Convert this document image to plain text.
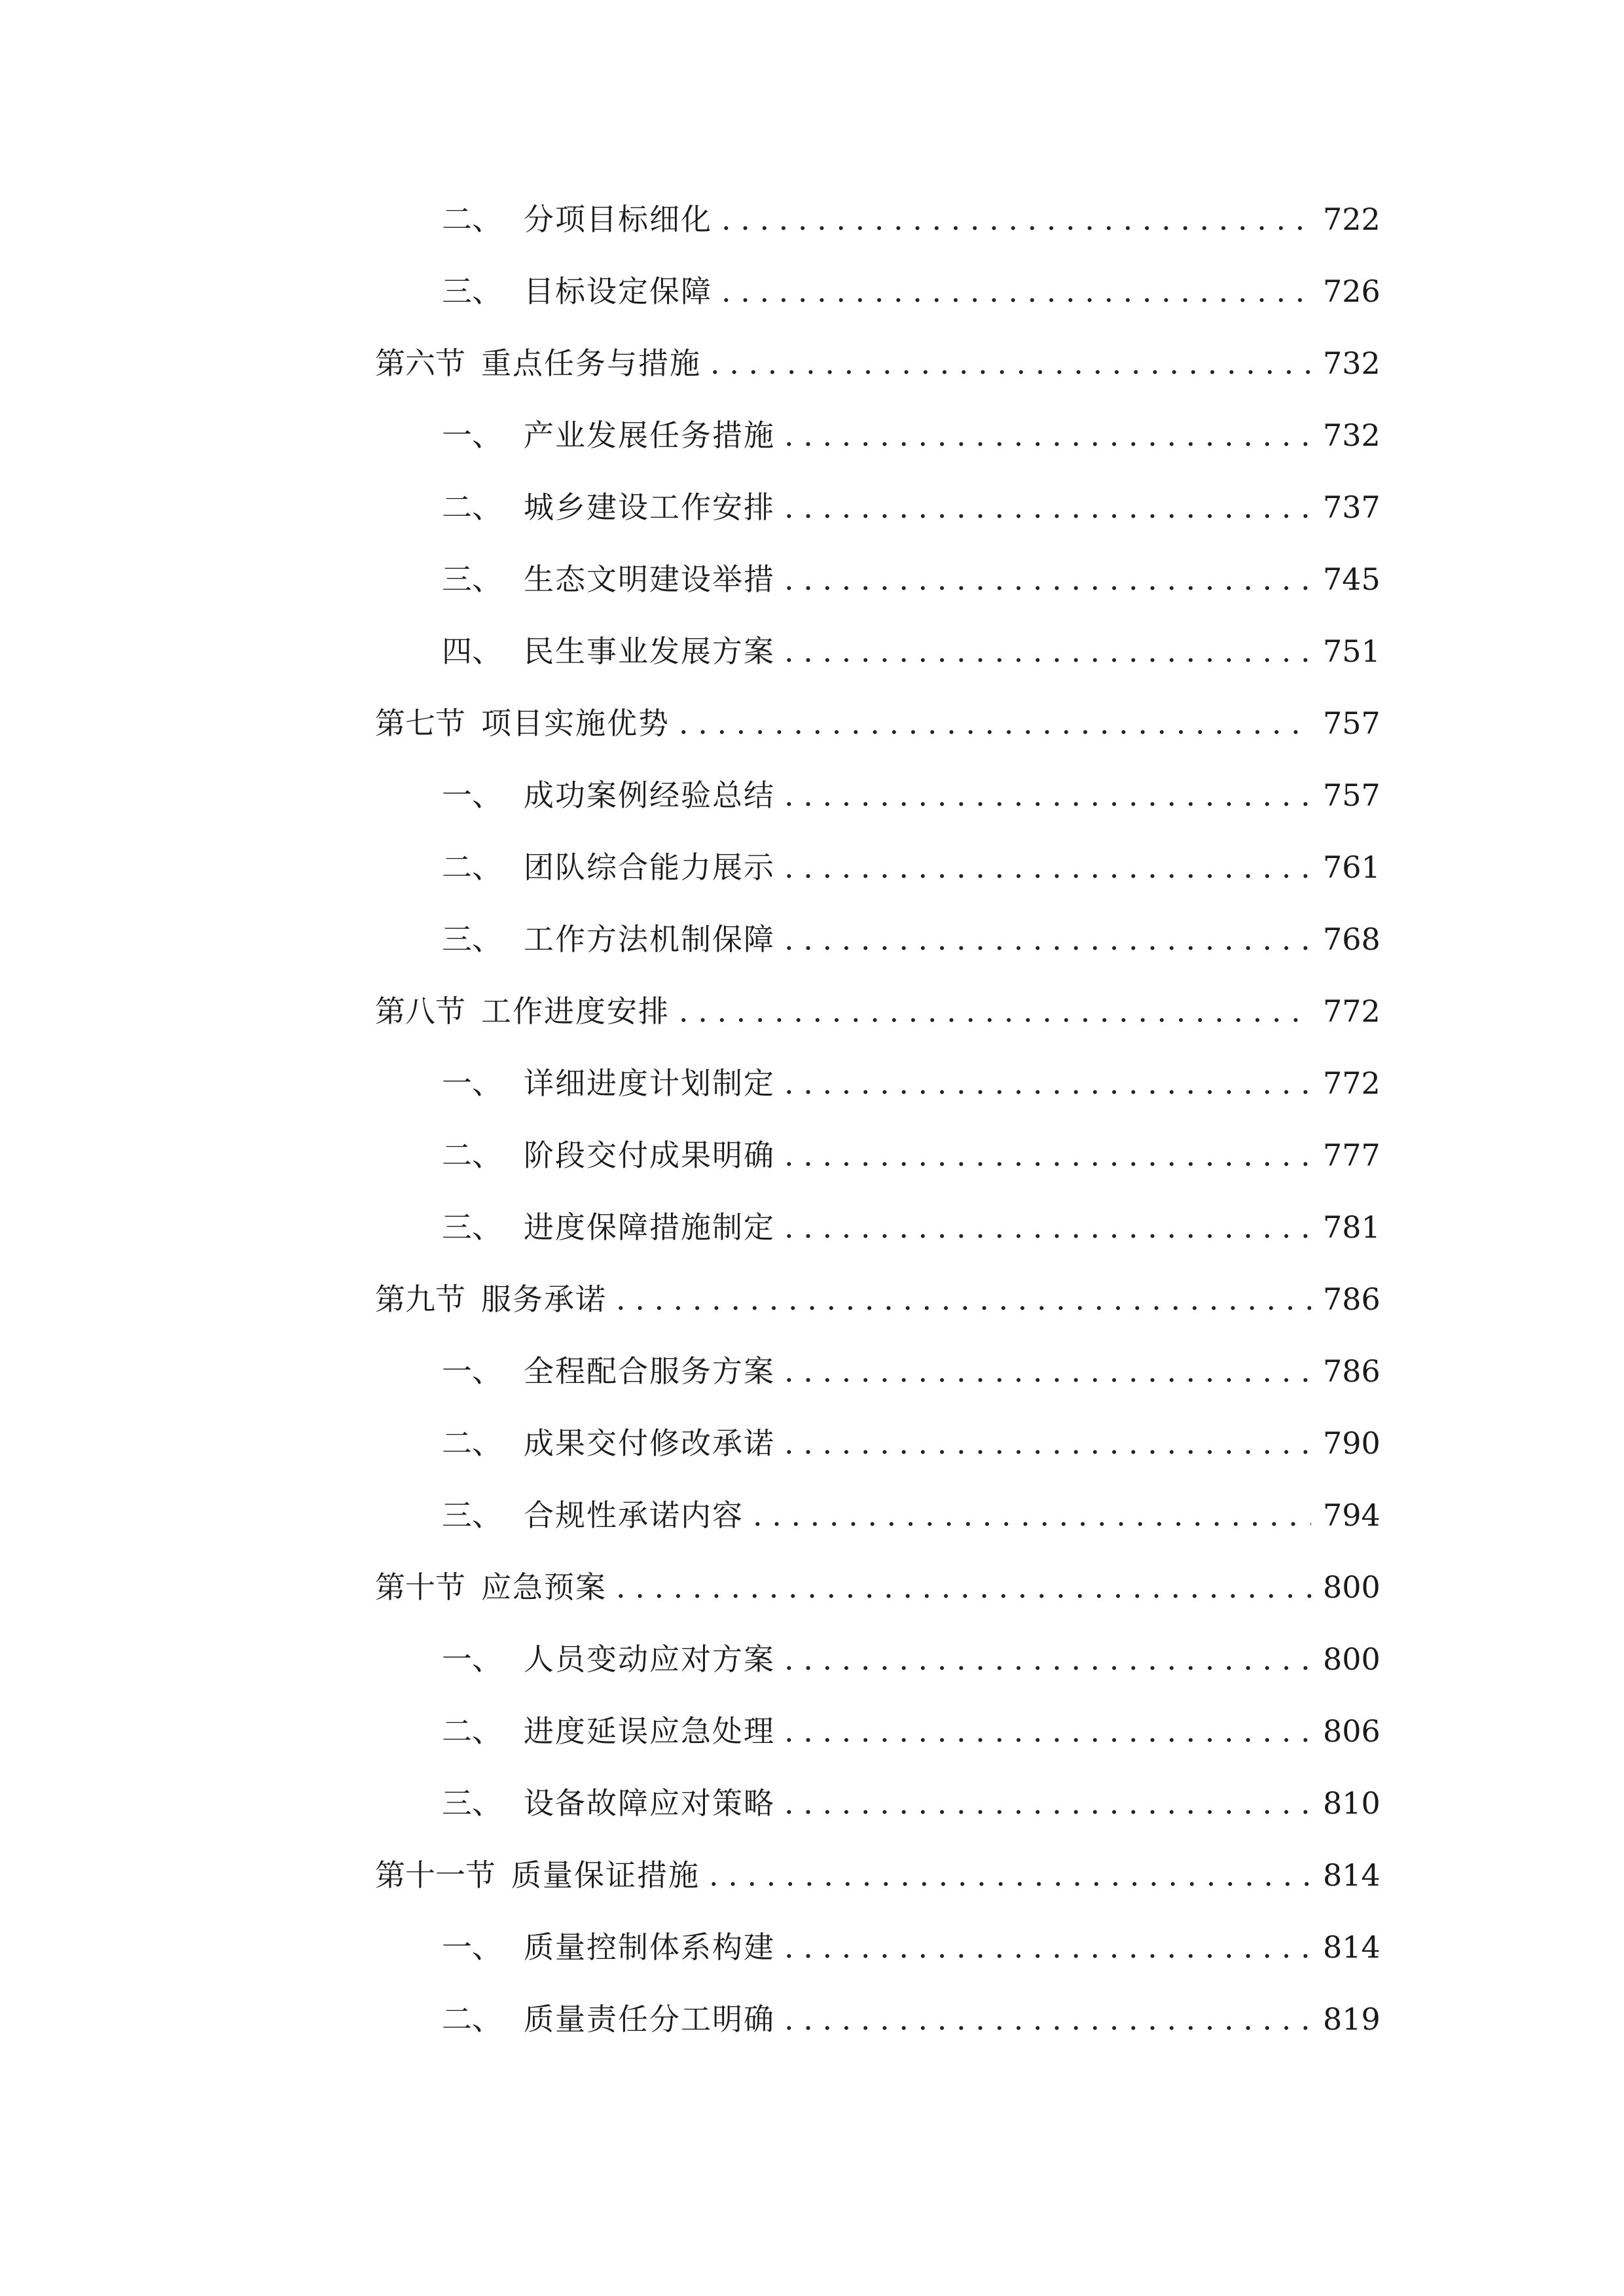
二、 分项目标细化 .....	722
三、 目标设定保障 .....	726
第六节 重点任务与措施 .....	732
一、 产业发展任务措施 .....	732
二、 城乡建设工作安排 .....	737
三、 生态文明建设举措 .....	745
四、 民生事业发展方案 .....	751
第七节 项目实施优势 .....	757
一、 成功案例经验总结 .....	757
二、 团队综合能力展示 .....	761
三、 工作方法机制保障 .....	768
第八节 工作进度安排 .....	772
一、 详细进度计划制定 .....	772
二、 阶段交付成果明确 .....	777
三、 进度保障措施制定 .....	781
第九节 服务承诺 .....	786
一、 全程配合服务方案 .....	786
二、 成果交付修改承诺 .....	790
三、 合规性承诺内容 .....	794
第十节 应急预案 .....	800
一、 人员变动应对方案 .....	800
二、 进度延误应急处理 .....	806
三、 设备故障应对策略 .....	810
第十一节 质量保证措施 .....	814
一、 质量控制体系构建 .....	814
二、 质量责任分工明确 .....	819
